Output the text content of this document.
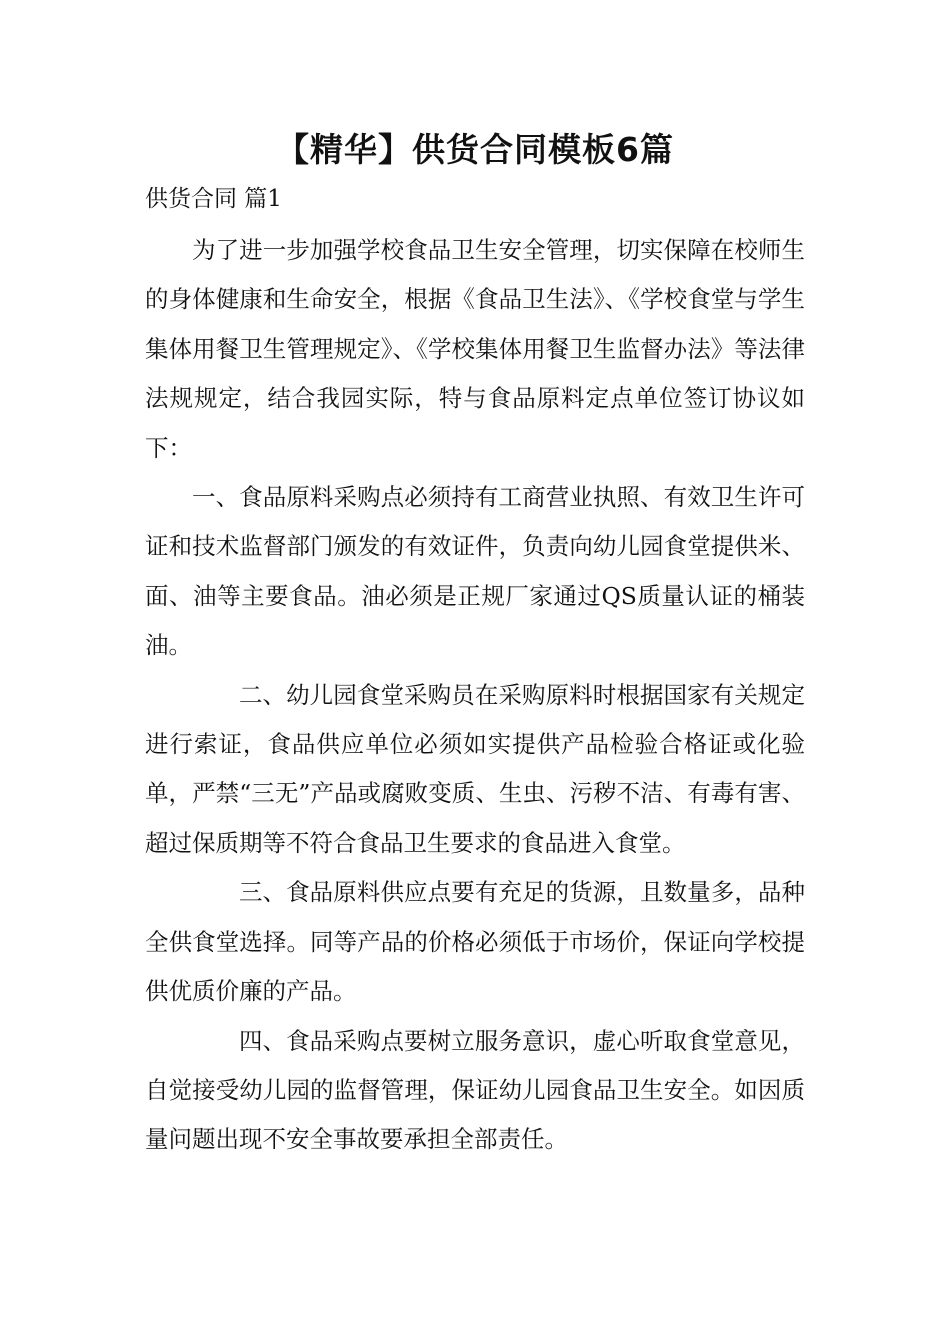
【精华】供货合同模板6篇

供货合同 篇1

为了进一步加强学校食品卫生安全管理，切实保障在校师生的身体健康和生命安全，根据《食品卫生法》、《学校食堂与学生集体用餐卫生管理规定》、《学校集体用餐卫生监督办法》等法律法规规定，结合我园实际，特与食品原料定点单位签订协议如下：

一、食品原料采购点必须持有工商营业执照、有效卫生许可证和技术监督部门颁发的有效证件，负责向幼儿园食堂提供米、面、油等主要食品。油必须是正规厂家通过QS质量认证的桶装油。

二、幼儿园食堂采购员在采购原料时根据国家有关规定进行索证，食品供应单位必须如实提供产品检验合格证或化验单，严禁“三无”产品或腐败变质、生虫、污秽不洁、有毒有害、超过保质期等不符合食品卫生要求的食品进入食堂。

三、食品原料供应点要有充足的货源，且数量多，品种全供食堂选择。同等产品的价格必须低于市场价，保证向学校提供优质价廉的产品。

四、食品采购点要树立服务意识，虚心听取食堂意见，自觉接受幼儿园的监督管理，保证幼儿园食品卫生安全。如因质量问题出现不安全事故要承担全部责任。
